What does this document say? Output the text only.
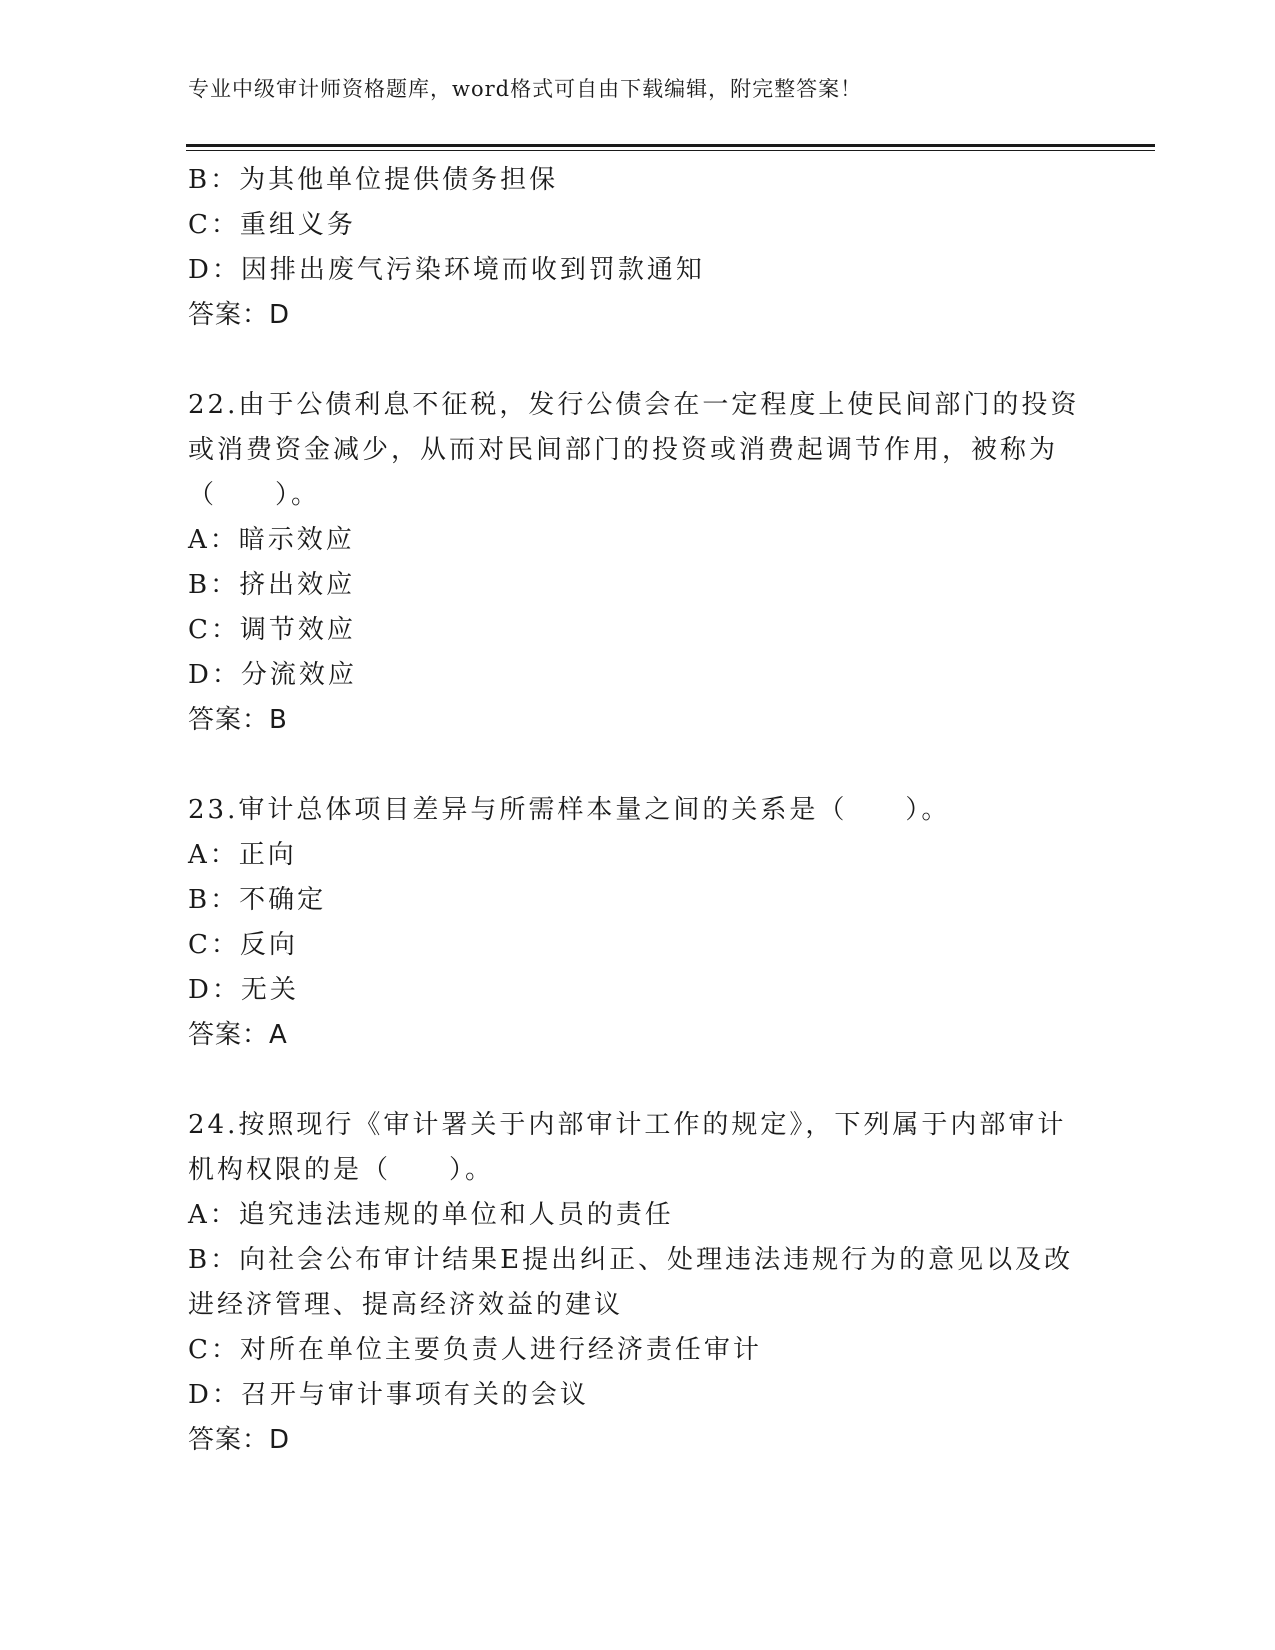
专业中级审计师资格题库，word格式可自由下载编辑，附完整答案！
B：为其他单位提供债务担保
C：重组义务
D：因排出废气污染环境而收到罚款通知
答案：D
22.由于公债利息不征税，发行公债会在一定程度上使民间部门的投资
或消费资金减少，从而对民间部门的投资或消费起调节作用，被称为
（　　）。
A：暗示效应
B：挤出效应
C：调节效应
D：分流效应
答案：B
23.审计总体项目差异与所需样本量之间的关系是（　　）。
A：正向
B：不确定
C：反向
D：无关
答案：A
24.按照现行《审计署关于内部审计工作的规定》，下列属于内部审计
机构权限的是（　　）。
A：追究违法违规的单位和人员的责任
B：向社会公布审计结果E提出纠正、处理违法违规行为的意见以及改
进经济管理、提高经济效益的建议
C：对所在单位主要负责人进行经济责任审计
D：召开与审计事项有关的会议
答案：D
